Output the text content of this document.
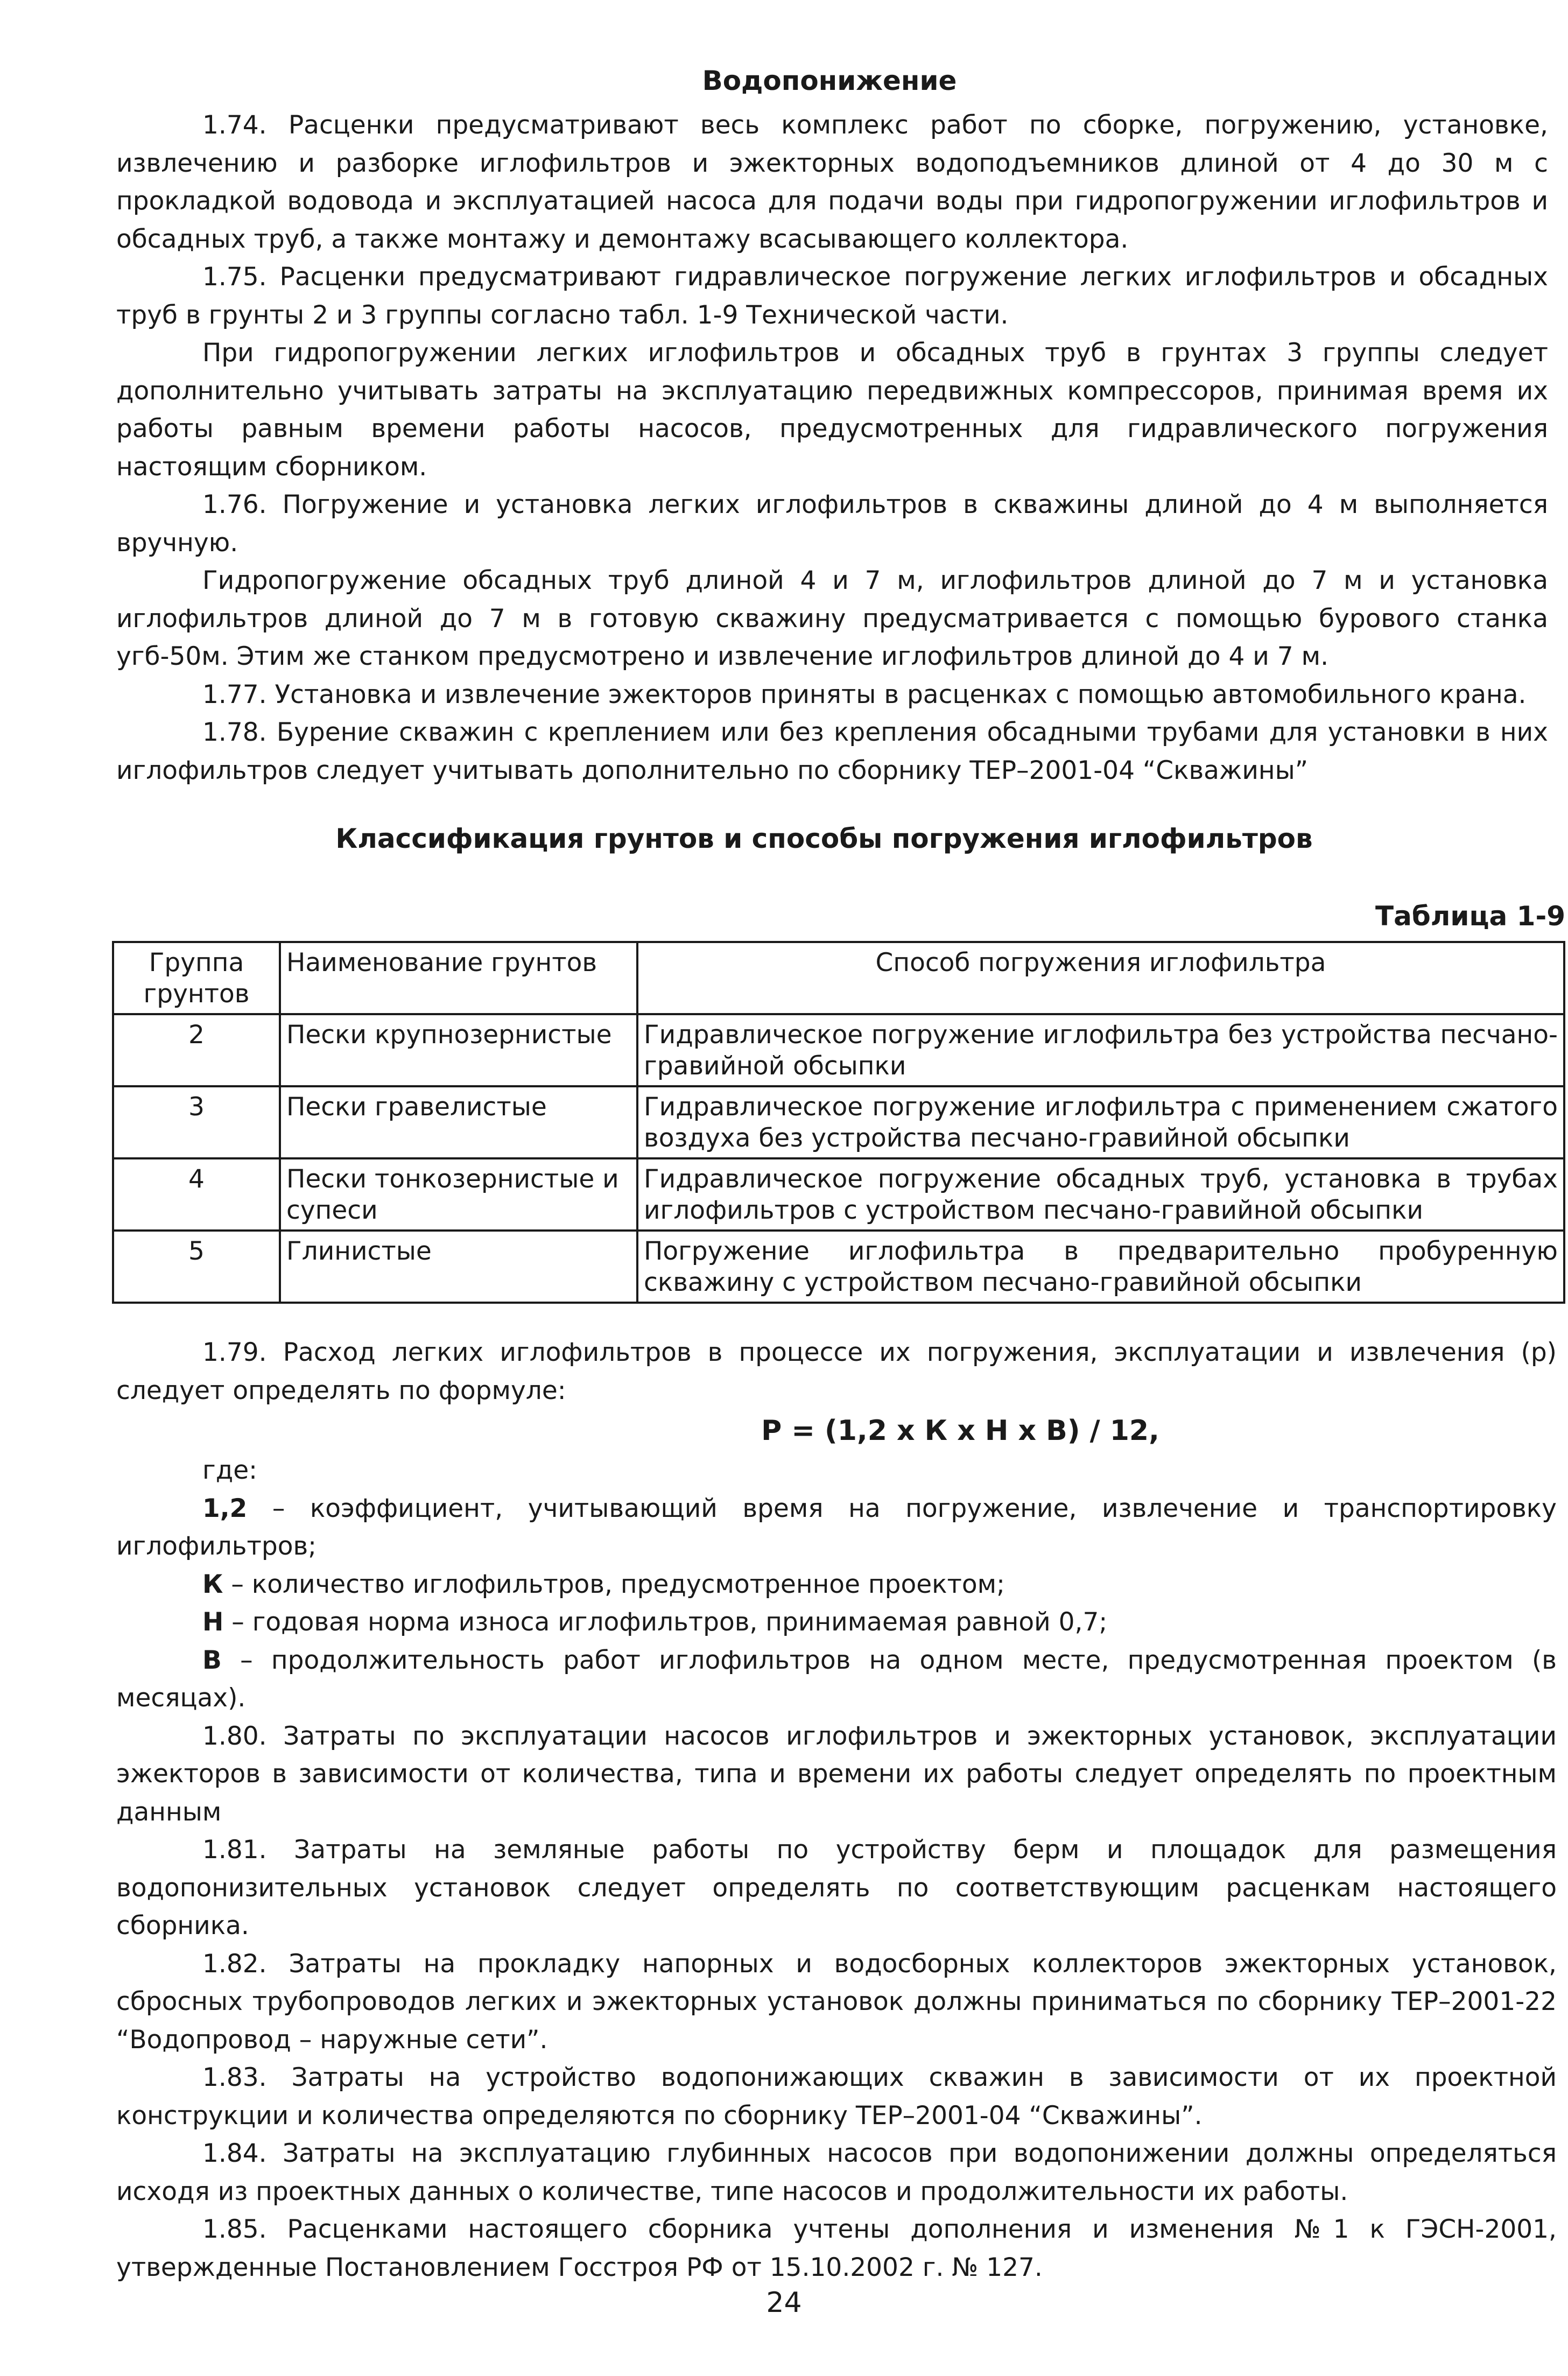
Водопонижение

1.74. Расценки предусматривают весь комплекс работ по сборке, погружению, установке, извлечению и разборке иглофильтров и эжекторных водоподъемников длиной от 4 до 30 м с прокладкой водовода и эксплуатацией насоса для подачи воды при гидропогружении иглофильтров и обсадных труб, а также монтажу и демонтажу всасывающего коллектора.

1.75. Расценки предусматривают гидравлическое погружение легких иглофильтров и обсадных труб в грунты 2 и 3 группы согласно табл. 1-9 Технической части.

При гидропогружении легких иглофильтров и обсадных труб в грунтах 3 группы следует дополнительно учитывать затраты на эксплуатацию передвижных компрессоров, принимая время их работы равным времени работы насосов, предусмотренных для гидравлического погружения настоящим сборником.

1.76. Погружение и установка легких иглофильтров в скважины длиной до 4 м выполняется вручную.

Гидропогружение обсадных труб длиной 4 и 7 м, иглофильтров длиной до 7 м и установка иглофильтров длиной до 7 м в готовую скважину предусматривается с помощью бурового станка угб-50м. Этим же станком предусмотрено и извлечение иглофильтров длиной до 4 и 7 м.

1.77. Установка и извлечение эжекторов приняты в расценках с помощью автомобильного крана.

1.78. Бурение скважин с креплением или без крепления обсадными трубами для установки в них иглофильтров следует учитывать дополнительно по сборнику ТЕР–2001-04 “Скважины”

Классификация грунтов и способы погружения иглофильтров
Таблица 1-9
Группа грунтов	Наименование грунтов	Способ погружения иглофильтра
2	Пески крупнозернистые	Гидравлическое погружение иглофильтра без устройства песчано-гравийной обсыпки
3	Пески гравелистые	Гидравлическое погружение иглофильтра с применением сжатого воздуха без устройства песчано-гравийной обсыпки
4	Пески тонкозернистые и супеси	Гидравлическое погружение обсадных труб, установка в трубах иглофильтров с устройством песчано-гравийной обсыпки
5	Глинистые	Погружение иглофильтра в предварительно пробуренную скважину с устройством песчано-гравийной обсыпки

1.79. Расход легких иглофильтров в процессе их погружения, эксплуатации и извлечения (р) следует определять по формуле:

Р = (1,2 х К х Н х В) / 12,

где:

1,2 – коэффициент, учитывающий время на погружение, извлечение и транспортировку иглофильтров;

К – количество иглофильтров, предусмотренное проектом;

Н – годовая норма износа иглофильтров, принимаемая равной 0,7;

В – продолжительность работ иглофильтров на одном месте, предусмотренная проектом (в месяцах).

1.80. Затраты по эксплуатации насосов иглофильтров и эжекторных установок, эксплуатации эжекторов в зависимости от количества, типа и времени их работы следует определять по проектным данным

1.81. Затраты на земляные работы по устройству берм и площадок для размещения водопонизительных установок следует определять по соответствующим расценкам настоящего сборника.

1.82. Затраты на прокладку напорных и водосборных коллекторов эжекторных установок, сбросных трубопроводов легких и эжекторных установок должны приниматься по сборнику ТЕР–2001-22 “Водопровод – наружные сети”.

1.83. Затраты на устройство водопонижающих скважин в зависимости от их проектной конструкции и количества определяются по сборнику ТЕР–2001-04 “Скважины”.

1.84. Затраты на эксплуатацию глубинных насосов при водопонижении должны определяться исходя из проектных данных о количестве, типе насосов и продолжительности их работы.

1.85. Расценками настоящего сборника учтены дополнения и изменения №1 к ГЭСН-2001, утвержденные Постановлением Госстроя РФ от 15.10.2002 г. № 127.

24
